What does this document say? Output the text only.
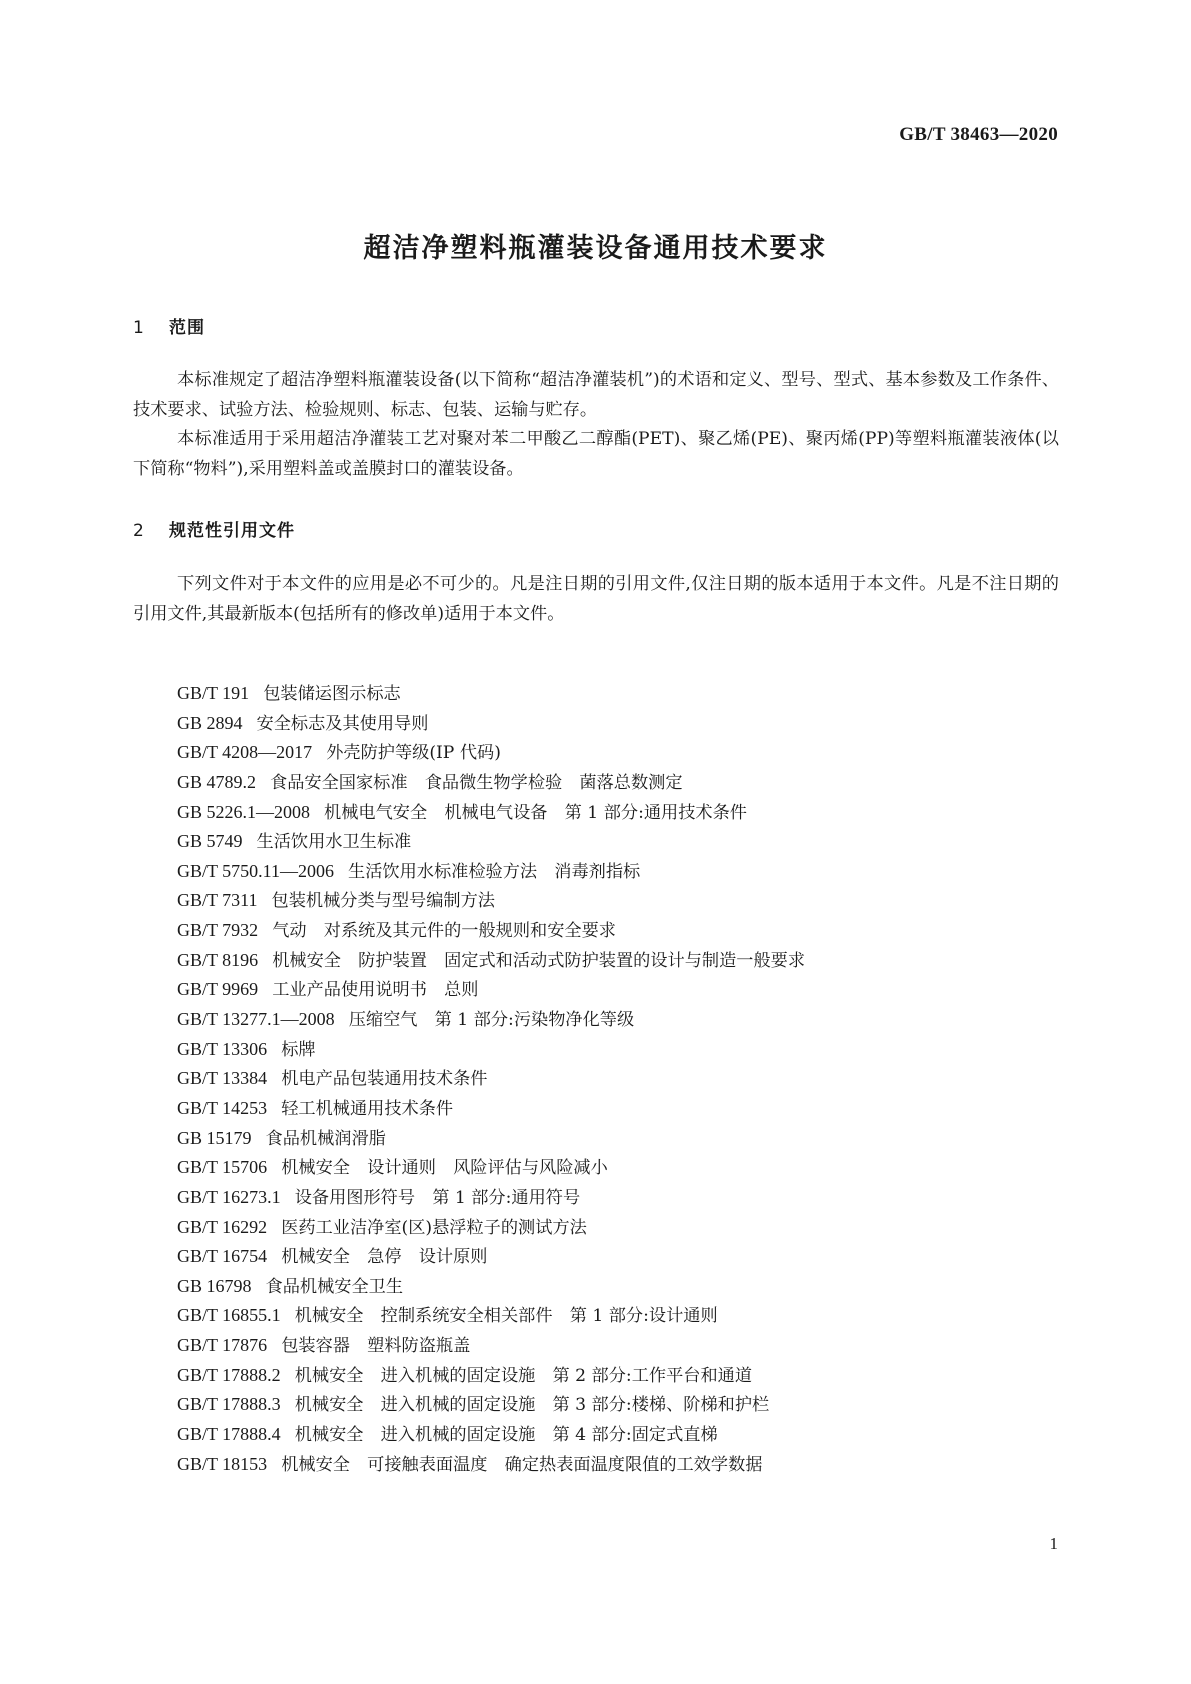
GB/T 38463—2020
超洁净塑料瓶灌装设备通用技术要求
1 范围
本标准规定了超洁净塑料瓶灌装设备(以下简称“超洁净灌装机”)的术语和定义、型号、型式、基本参数及工作条件、技术要求、试验方法、检验规则、标志、包装、运输与贮存。
本标准适用于采用超洁净灌装工艺对聚对苯二甲酸乙二醇酯(PET)、聚乙烯(PE)、聚丙烯(PP)等塑料瓶灌装液体(以下简称“物料”),采用塑料盖或盖膜封口的灌装设备。
2 规范性引用文件
下列文件对于本文件的应用是必不可少的。凡是注日期的引用文件,仅注日期的版本适用于本文件。凡是不注日期的引用文件,其最新版本(包括所有的修改单)适用于本文件。
GB/T 191 包装储运图示标志
GB 2894 安全标志及其使用导则
GB/T 4208—2017 外壳防护等级(IP 代码)
GB 4789.2 食品安全国家标准　食品微生物学检验　菌落总数测定
GB 5226.1—2008 机械电气安全　机械电气设备　第 1 部分:通用技术条件
GB 5749 生活饮用水卫生标准
GB/T 5750.11—2006 生活饮用水标准检验方法　消毒剂指标
GB/T 7311 包装机械分类与型号编制方法
GB/T 7932 气动　对系统及其元件的一般规则和安全要求
GB/T 8196 机械安全　防护装置　固定式和活动式防护装置的设计与制造一般要求
GB/T 9969 工业产品使用说明书　总则
GB/T 13277.1—2008 压缩空气　第 1 部分:污染物净化等级
GB/T 13306 标牌
GB/T 13384 机电产品包装通用技术条件
GB/T 14253 轻工机械通用技术条件
GB 15179 食品机械润滑脂
GB/T 15706 机械安全　设计通则　风险评估与风险减小
GB/T 16273.1 设备用图形符号　第 1 部分:通用符号
GB/T 16292 医药工业洁净室(区)悬浮粒子的测试方法
GB/T 16754 机械安全　急停　设计原则
GB 16798 食品机械安全卫生
GB/T 16855.1 机械安全　控制系统安全相关部件　第 1 部分:设计通则
GB/T 17876 包装容器　塑料防盗瓶盖
GB/T 17888.2 机械安全　进入机械的固定设施　第 2 部分:工作平台和通道
GB/T 17888.3 机械安全　进入机械的固定设施　第 3 部分:楼梯、阶梯和护栏
GB/T 17888.4 机械安全　进入机械的固定设施　第 4 部分:固定式直梯
GB/T 18153 机械安全　可接触表面温度　确定热表面温度限值的工效学数据
1
